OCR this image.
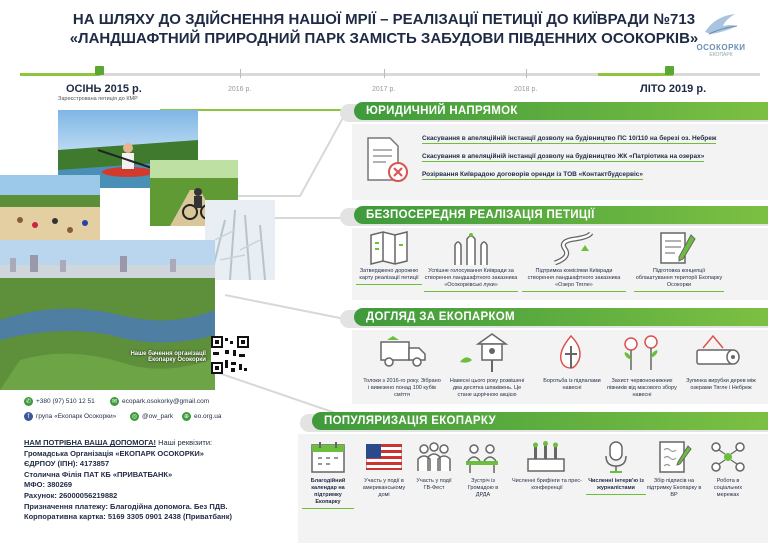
НА ШЛЯХУ ДО ЗДІЙСНЕННЯ НАШОЇ МРІЇ – РЕАЛІЗАЦІЇ ПЕТИЦІЇ ДО КИЇВРАДИ №713
«ЛАНДШАФТНИЙ ПРИРОДНИЙ ПАРК ЗАМІСТЬ ЗАБУДОВИ ПІВДЕННИХ ОСОКОРКІВ»
ОСОКОРКИ
ЕКОПАРК
ОСІНЬ 2015 р.
Зареєстрована петиція до КМР
2016 р.	2017 р.	2018 р.	ЛІТО 2019 р.
Наше бачення організації Екопарку Осокорки
✆ +380 (97) 510 12 51	✉ ecopark.osokorky@gmail.com
f	група «Екопарк Осокорки»	◎ @ow_park	⊕ eo.org.ua
НАМ ПОТРІБНА ВАША ДОПОМОГА! Наші реквізити:
Громадська Організація «ЕКОПАРК ОСОКОРКИ»
ЄДРПОУ (ІПН): 4173857
Столична Філія ПАТ КБ «ПРИВАТБАНК»
МФО: 380269
Рахунок: 26000056219882
Призначення платежу: Благодійна допомога. Без ПДВ.
Корпоративна картка: 5169 3305 0901 2438 (Приватбанк)
ЮРИДИЧНИЙ НАПРЯМОК
Скасування в апеляційній інстанції дозволу на будівництво ПС 10/110 на березі оз. Небреж
Скасування в апеляційній інстанції дозволу на будівництво ЖК «Патріотика на озерах»
Розірвання Київрадою договорів оренди із ТОВ «Контактбудсервіс»
БЕЗПОСЕРЕДНЯ РЕАЛІЗАЦІЯ ПЕТИЦІЇ
Затверджено дорожню карту реалізації петиції
Успішне голосування Київради за створення ландшафтного заказника «Осокорківські луки»
Підтримка комісіями Київради створення ландшафтного заказника «Озеро Тягле»
Підготовка концепції облаштування території Екопарку Осокорки
ДОГЛЯД ЗА ЕКОПАРКОМ
Толоки з 2016-го року. Зібрано і вивезено понад 100 кубів сміття
Навесні цього року розвішені два десятка шпаківень. Це стане щорічною акцією
Боротьба із підпалами навесні
Захист червонокнижних півників від масового збору навесні
Зупинка вирубки дерев між озерами Тягле і Небреж
ПОПУЛЯРИЗАЦІЯ ЕКОПАРКУ
Благодійний календар на підтримку Екопарку
Участь у події в американському домі
Участь у події ГВ-Фест
Зустріч із Громадою в ДРДА
Численні брифінги та прес-конференції
Численні інтерв'ю із журналістами
Збір підписів на підтримку Екопарку в ВР
Робота в соціальних мережах
